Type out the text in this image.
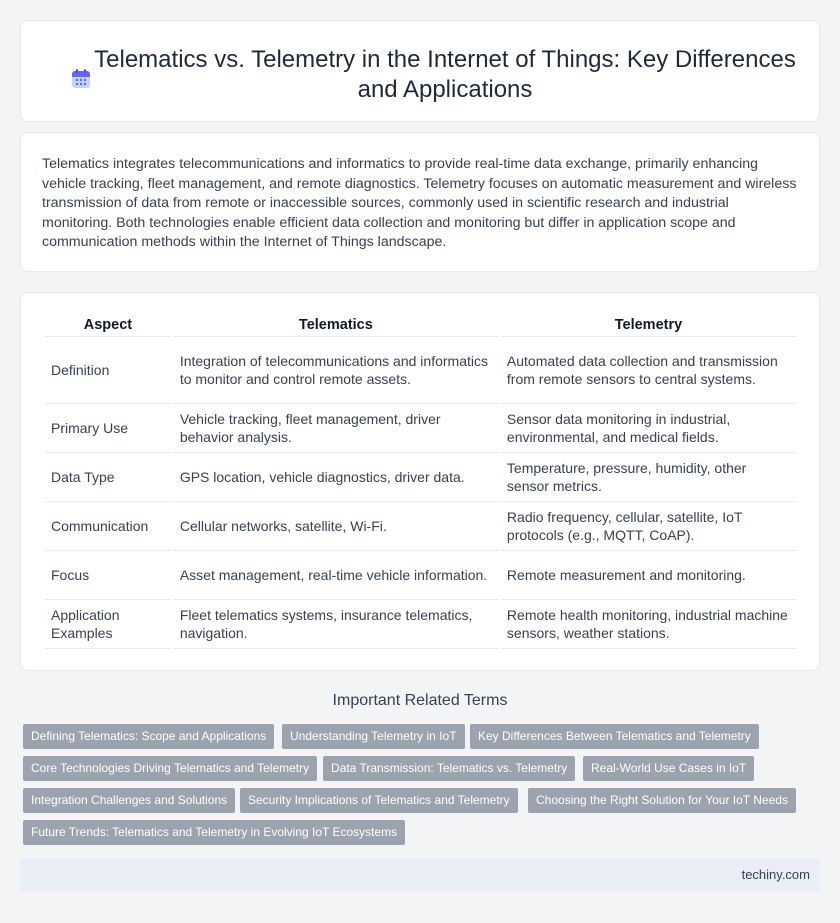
Telematics vs. Telemetry in the Internet of Things: Key Differences and Applications

Telematics integrates telecommunications and informatics to provide real-time data exchange, primarily enhancing vehicle tracking, fleet management, and remote diagnostics. Telemetry focuses on automatic measurement and wireless transmission of data from remote or inaccessible sources, commonly used in scientific research and industrial monitoring. Both technologies enable efficient data collection and monitoring but differ in application scope and communication methods within the Internet of Things landscape.

Aspect	Telematics	Telemetry
Definition	Integration of telecommunications and informatics to monitor and control remote assets.	Automated data collection and transmission from remote sensors to central systems.
Primary Use	Vehicle tracking, fleet management, driver behavior analysis.	Sensor data monitoring in industrial, environmental, and medical fields.
Data Type	GPS location, vehicle diagnostics, driver data.	Temperature, pressure, humidity, other sensor metrics.
Communication	Cellular networks, satellite, Wi-Fi.	Radio frequency, cellular, satellite, IoT protocols (e.g., MQTT, CoAP).
Focus	Asset management, real-time vehicle information.	Remote measurement and monitoring.
Application Examples	Fleet telematics systems, insurance telematics, navigation.	Remote health monitoring, industrial machine sensors, weather stations.
Important Related Terms
Defining Telematics: Scope and Applications	Understanding Telemetry in IoT	Key Differences Between Telematics and Telemetry
Core Technologies Driving Telematics and Telemetry	Data Transmission: Telematics vs. Telemetry	Real-World Use Cases in IoT
Integration Challenges and Solutions	Security Implications of Telematics and Telemetry	Choosing the Right Solution for Your IoT Needs
Future Trends: Telematics and Telemetry in Evolving IoT Ecosystems
techiny.com
